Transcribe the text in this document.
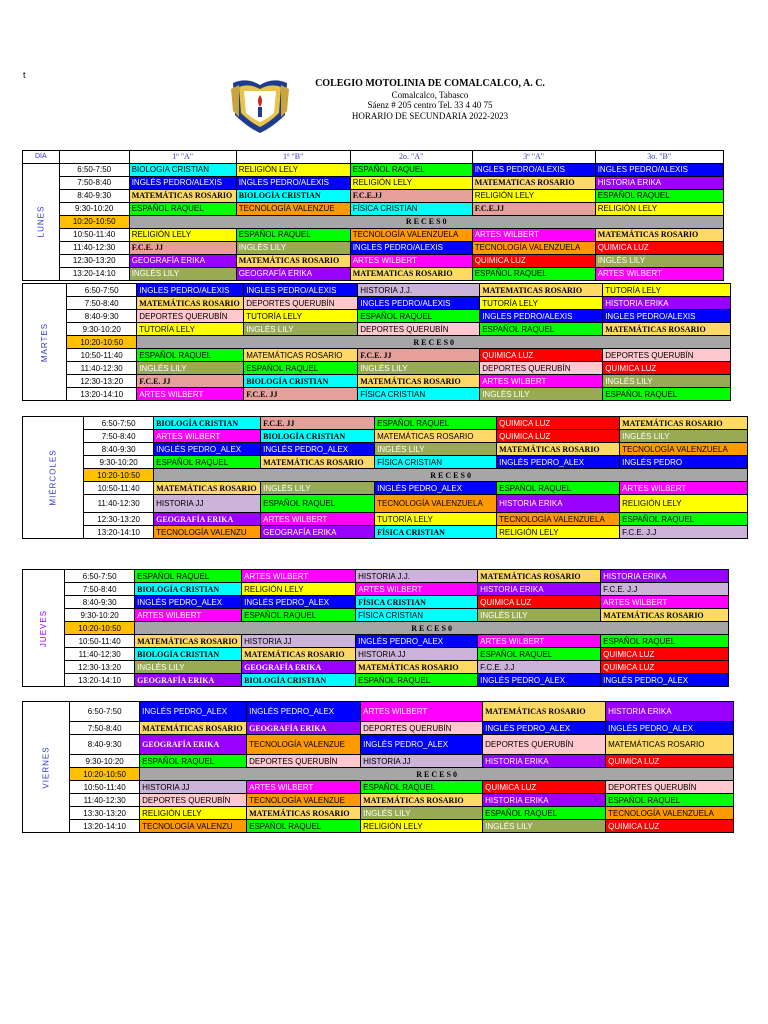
t
COLEGIO MOTOLINIA DE COMALCALCO, A. C.
Comalcalco, Tabasco
Sáenz # 205 centro Tel. 33 4 40 75
HORARIO DE SECUNDARIA 2022-2023
DIA		1º "A"	1º "B"	2o. "A"	3º "A"	3o. "B"
LUNES	6:50-7:50	BIOLOGIA CRISTIAN	RELIGIÓN LELY	ESPAÑOL RAQUEL	INGLES PEDRO/ALEXIS	INGLES PEDRO/ALEXIS
	7:50-8:40	INGLÉS PEDRO/ALEXIS	INGLES PEDRO/ALEXIS	RELIGIÓN LELY	MATEMATICAS ROSARIO	HISTORIA ERIKA
	8:40-9:30	MATEMÁTICAS ROSARIO	BIOLOGÍA CRISTIAN	F.C.E.JJ	RELIGIÓN LELY	ESPAÑOL RAQUEL
	9:30-10:20	ESPAÑOL RAQUEL	TECNOLOGÍA VALENZUE	FÍSICA CRISTIAN	F.C.E.JJ	RELIGIÓN LELY
	10:20-10:50	R E C E S 0				
	10:50-11:40	RELIGIÓN LELY	ESPAÑOL RAQUEL	TECNOLOGÍA VALENZUELA	ARTES WILBERT	MATEMÁTICAS ROSARIO
	11:40-12:30	F.C.E. JJ	INGLÉS LILY	INGLES PEDRO/ALEXIS	TECNOLOGÍA VALENZUELA	QUIMICA LUZ
	12:30-13:20	GEOGRAFÍA ERIKA	MATEMÁTICAS ROSARIO	ARTES WILBERT	QUIMICA LUZ	INGLÉS LILY
	13:20-14:10	INGLÉS LILY	GEOGRAFÍA ERIKA	MATEMATICAS ROSARIO	ESPAÑOL RAQUEL	ARTES WILBERT
MARTES	6:50-7:50	INGLES PEDRO/ALEXIS	INGLES PEDRO/ALEXIS	HISTORIA J.J.	MATEMATICAS ROSARIO	TUTORÍA LELY
	7:50-8:40	MATEMÁTICAS ROSARIO	DEPORTES QUERUBÍN	INGLES PEDRO/ALEXIS	TUTORÍA LELY	HISTORIA ERIKA
	8:40-9:30	DEPORTES QUERUBÍN	TUTORÍA LELY	ESPAÑOL RAQUEL	INGLES PEDRO/ALEXIS	INGLES PEDRO/ALEXIS
	9:30-10:20	TUTORÍA LELY	INGLÉS LILY	DEPORTES QUERUBÍN	ESPAÑOL RAQUEL	MATEMÁTICAS ROSARIO
	10:20-10:50	R E C E S 0				
	10:50-11:40	ESPAÑOL RAQUEL	MATEMÁTICAS ROSARIO	F.C.E. JJ	QUIMICA LUZ	DEPORTES QUERUBÍN
	11:40-12:30	INGLÉS LILY	ESPAÑOL RAQUEL	INGLÉS LILY	DEPORTES QUERUBÍN	QUIMICA LUZ
	12:30-13:20	F.C.E. JJ	BIOLOGÍA CRISTIAN	MATEMÁTICAS ROSARIO	ARTES WILBERT	INGLÉS LILY
	13:20-14:10	ARTES WILBERT	F.C.E. JJ	FÍSICA CRISTIAN	INGLÉS LILY	ESPAÑOL RAQUEL
MIÉRCOLES	6:50-7:50	BIOLOGÍA CRISTIAN	F.C.E. JJ	ESPAÑOL RAQUEL	QUIMICA LUZ	MATEMÁTICAS ROSARIO
	7:50-8:40	ARTES WILBERT	BIOLOGÍA CRISTIAN	MATEMÁTICAS ROSARIO	QUIMICA LUZ	INGLÉS LILY
	8:40-9:30	INGLÉS PEDRO_ALEX	INGLÉS PEDRO_ALEX	INGLÉS LILY	MATEMÁTICAS ROSARIO	TECNOLOGÍA VALENZUELA
	9:30-10:20	ESPAÑOL RAQUEL	MATEMÁTICAS ROSARIO	FÍSICA CRISTIAN	INGLÉS PEDRO_ALEX	INGLÉS PEDRO
	10:20-10:50	R E C E S 0				
	10:50-11:40	MATEMÁTICAS ROSARIO	INGLÉS LILY	INGLÉS PEDRO_ALEX	ESPAÑOL RAQUEL	ARTES WILBERT
	11:40-12:30	HISTORIA JJ	ESPAÑOL RAQUEL	TECNOLOGÍA VALENZUELA	HISTORIA ERIKA	RELIGIÓN LELY
	12:30-13:20	GEOGRAFÍA ERIKA	ARTES WILBERT	TUTORÍA LELY	TECNOLOGÍA VALENZUELA	ESPAÑOL RAQUEL
	13:20-14:10	TECNOLOGÍA VALENZU	GEOGRAFÍA ERIKA	FÍSICA CRISTIAN	RELIGIÓN LELY	F.C.E. J.J
JUEVES	6:50-7:50	ESPAÑOL RAQUEL	ARTES WILBERT	HISTORIA J.J.	MATEMÁTICAS ROSARIO	HISTORIA ERIKA
	7:50-8:40	BIOLOGÍA CRISTIAN	RELIGIÓN LELY	ARTES WILBERT	HISTORIA ERIKA	F.C.E. J.J
	8:40-9:30	INGLÉS PEDRO_ALEX	INGLÉS PEDRO_ALEX	FÍSICA CRISTIAN	QUIMICA LUZ	ARTES WILBERT
	9:30-10:20	ARTES WILBERT	ESPAÑOL RAQUEL	FÍSICA CRISTIAN	INGLÉS LILY	MATEMÁTICAS ROSARIO
	10:20-10:50	R E C E S 0				
	10:50-11:40	MATEMÁTICAS ROSARIO	HISTORIA JJ	INGLÉS PEDRO_ALEX	ARTES WILBERT	ESPAÑOL RAQUEL
	11:40-12:30	BIOLOGÍA CRISTIAN	MATEMÁTICAS ROSARIO	HISTORIA JJ	ESPAÑOL RAQUEL	QUIMICA LUZ
	12:30-13:20	INGLÉS LILY	GEOGRAFÍA ERIKA	MATEMÁTICAS ROSARIO	F.C.E. J.J	QUIMICA LUZ
	13:20-14:10	GEOGRAFÍA ERIKA	BIOLOGÍA CRISTIAN	ESPAÑOL RAQUEL	INGLÉS PEDRO_ALEX	INGLÉS PEDRO_ALEX
VIERNES	6:50-7:50	INGLÉS PEDRO_ALEX	INGLÉS PEDRO_ALEX	ARTES WILBERT	MATEMÁTICAS ROSARIO	HISTORIA ERIKA
	7:50-8:40	MATEMÁTICAS ROSARIO	GEOGRAFÍA ERIKA	DEPORTES QUERUBÍN	INGLÉS PEDRO_ALEX	INGLÉS PEDRO_ALEX
	8:40-9:30	GEOGRAFÍA ERIKA	TECNOLOGÍA VALENZUE	INGLÉS PEDRO_ALEX	DEPORTES QUERUBÍN	MATEMÁTICAS ROSARIO
	9:30-10:20	ESPAÑOL RAQUEL	DEPORTES QUERUBÍN	HISTORIA JJ	HISTORIA ERIKA	QUIMICA LUZ
	10:20-10:50	R E C E S 0				
	10:50-11:40	HISTORIA JJ	ARTES WILBERT	ESPAÑOL RAQUEL	QUIMICA LUZ	DEPORTES QUERUBÍN
	11:40-12:30	DEPORTES QUERUBÍN	TECNOLOGÍA VALENZUE	MATEMÁTICAS ROSARIO	HISTORIA ERIKA	ESPAÑOL RAQUEL
	13:30-13:20	RELIGIÓN LELY	MATEMÁTICAS ROSARIO	INGLÉS LILY	ESPAÑOL RAQUEL	TECNOLOGÍA VALENZUELA
	13:20-14:10	TECNOLOGÍA VALENZU	ESPAÑOL RAQUEL	RELIGIÓN LELY	INGLÉS LILY	QUIMICA LUZ
